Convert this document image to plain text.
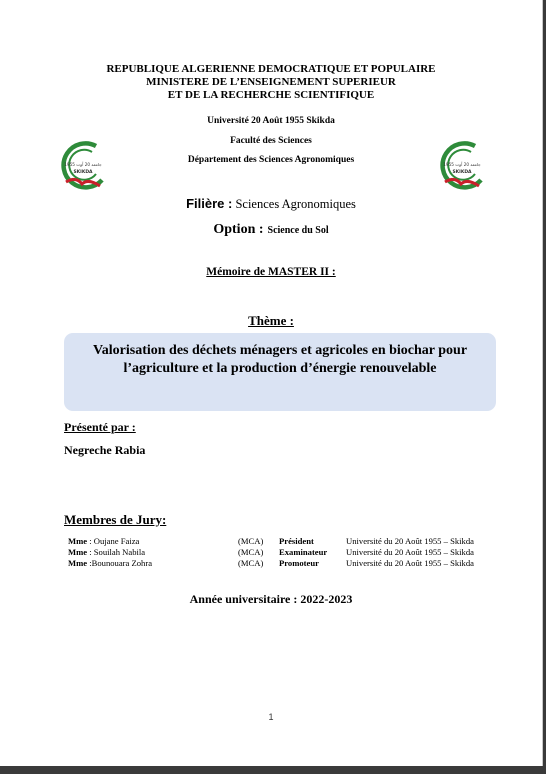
REPUBLIQUE ALGERIENNE DEMOCRATIQUE ET POPULAIRE
MINISTERE DE L’ENSEIGNEMENT SUPERIEUR
ET DE LA RECHERCHE SCIENTIFIQUE
Université 20 Août 1955 Skikda
Faculté des Sciences
Département des Sciences Agronomiques
جامعة 20 أوت 1955
SKIKDA
جامعة 20 أوت 1955
SKIKDA
Filière : Sciences Agronomiques
Option : Science du Sol
Mémoire de MASTER II :
Thème :
Valorisation des déchets ménagers et agricoles en biochar pour
l’agriculture et la production d’énergie renouvelable
Présenté par :
Negreche Rabia
Membres de Jury:
Mme : Oujane Faiza	(MCA) Président	Université du 20 Août 1955 – Skikda
Mme : Souilah Nabila	(MCA) Examinateur Université du 20 Août 1955 – Skikda
Mme :Bounouara Zohra	(MCA) Promoteur	Université du 20 Août 1955 – Skikda
Année universitaire : 2022-2023
1
